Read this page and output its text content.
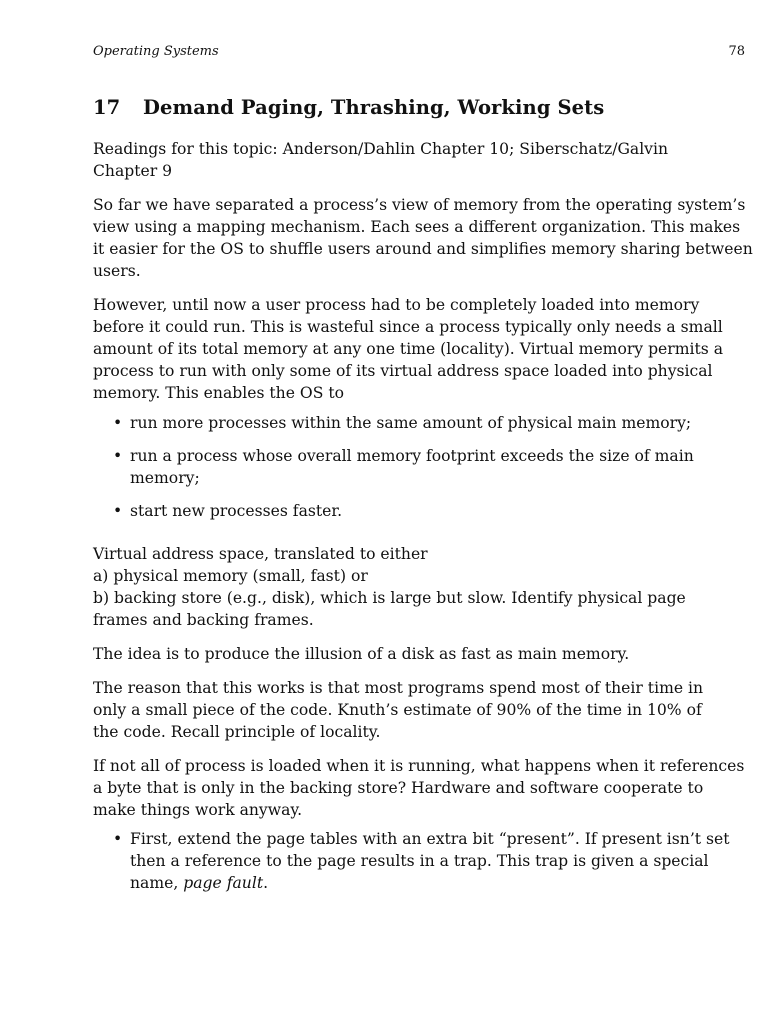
Operating Systems	78
17 Demand Paging, Thrashing, Working Sets
Readings for this topic: Anderson/Dahlin Chapter 10; Siberschatz/Galvin
Chapter 9
So far we have separated a process’s view of memory from the operating system’s
view using a mapping mechanism. Each sees a different organization. This makes
it easier for the OS to shuffle users around and simplifies memory sharing between
users.
However, until now a user process had to be completely loaded into memory
before it could run. This is wasteful since a process typically only needs a small
amount of its total memory at any one time (locality). Virtual memory permits a
process to run with only some of its virtual address space loaded into physical
memory. This enables the OS to
• run more processes within the same amount of physical main memory;
• run a process whose overall memory footprint exceeds the size of main
memory;
• start new processes faster.
Virtual address space, translated to either
a) physical memory (small, fast) or
b) backing store (e.g., disk), which is large but slow. Identify physical page
frames and backing frames.
The idea is to produce the illusion of a disk as fast as main memory.
The reason that this works is that most programs spend most of their time in
only a small piece of the code. Knuth’s estimate of 90% of the time in 10% of
the code. Recall principle of locality.
If not all of process is loaded when it is running, what happens when it references
a byte that is only in the backing store? Hardware and software cooperate to
make things work anyway.
• First, extend the page tables with an extra bit “present”. If present isn’t set
then a reference to the page results in a trap. This trap is given a special
name, page fault.
